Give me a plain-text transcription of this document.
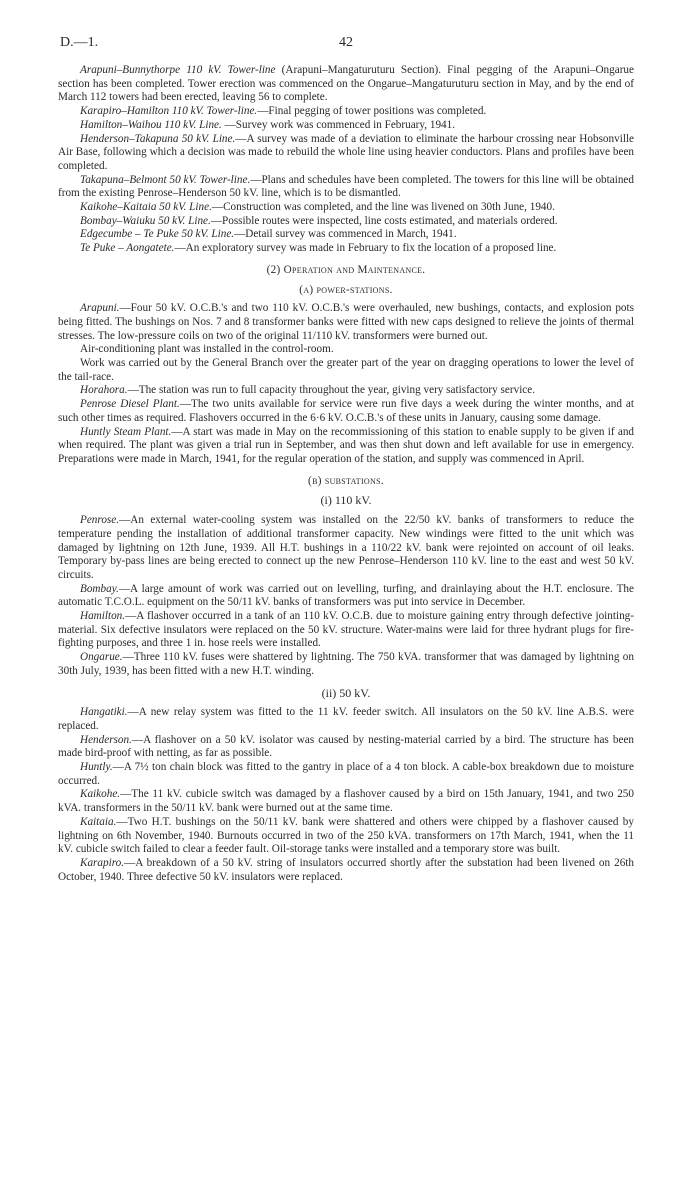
D.—1.	42

Arapuni–Bunnythorpe 110 kV. Tower-line (Arapuni–Mangaturuturu Section). Final pegging of the Arapuni–Ongarue section has been completed. Tower erection was commenced on the Ongarue–Mangaturuturu section in May, and by the end of March 112 towers had been erected, leaving 56 to complete.

Karapiro–Hamilton 110 kV. Tower-line.—Final pegging of tower positions was completed.

Hamilton–Waihou 110 kV. Line. —Survey work was commenced in February, 1941.

Henderson–Takapuna 50 kV. Line.—A survey was made of a deviation to eliminate the harbour crossing near Hobsonville Air Base, following which a decision was made to rebuild the whole line using heavier conductors. Plans and profiles have been completed.

Takapuna–Belmont 50 kV. Tower-line.—Plans and schedules have been completed. The towers for this line will be obtained from the existing Penrose–Henderson 50 kV. line, which is to be dismantled.

Kaikohe–Kaitaia 50 kV. Line.—Construction was completed, and the line was livened on 30th June, 1940.

Bombay–Waiuku 50 kV. Line.—Possible routes were inspected, line costs estimated, and materials ordered.

Edgecumbe – Te Puke 50 kV. Line.—Detail survey was commenced in March, 1941.

Te Puke – Aongatete.—An exploratory survey was made in February to fix the location of a proposed line.

(2) Operation and Maintenance.

(a) power-stations.

Arapuni.—Four 50 kV. O.C.B.'s and two 110 kV. O.C.B.'s were overhauled, new bushings, contacts, and explosion pots being fitted. The bushings on Nos. 7 and 8 transformer banks were fitted with new caps designed to relieve the joints of thermal stresses. The low-pressure coils on two of the original 11/110 kV. transformers were burned out.

Air-conditioning plant was installed in the control-room.

Work was carried out by the General Branch over the greater part of the year on dragging operations to lower the level of the tail-race.

Horahora.—The station was run to full capacity throughout the year, giving very satisfactory service.

Penrose Diesel Plant.—The two units available for service were run five days a week during the winter months, and at such other times as required. Flashovers occurred in the 6·6 kV. O.C.B.'s of these units in January, causing some damage.

Huntly Steam Plant.—A start was made in May on the recommissioning of this station to enable supply to be given if and when required. The plant was given a trial run in September, and was then shut down and left available for use in emergency. Preparations were made in March, 1941, for the regular operation of the station, and supply was commenced in April.

(b) substations.

(i) 110 kV.

Penrose.—An external water-cooling system was installed on the 22/50 kV. banks of transformers to reduce the temperature pending the installation of additional transformer capacity. New windings were fitted to the unit which was damaged by lightning on 12th June, 1939. All H.T. bushings in a 110/22 kV. bank were rejointed on account of oil leaks. Temporary by-pass lines are being erected to connect up the new Penrose–Henderson 110 kV. line to the east and west 50 kV. circuits.

Bombay.—A large amount of work was carried out on levelling, turfing, and drainlaying about the H.T. enclosure. The automatic T.C.O.L. equipment on the 50/11 kV. banks of transformers was put into service in December.

Hamilton.—A flashover occurred in a tank of an 110 kV. O.C.B. due to moisture gaining entry through defective jointing-material. Six defective insulators were replaced on the 50 kV. structure. Water-mains were laid for three hydrant plugs for fire-fighting purposes, and three 1 in. hose reels were installed.

Ongarue.—Three 110 kV. fuses were shattered by lightning. The 750 kVA. transformer that was damaged by lightning on 30th July, 1939, has been fitted with a new H.T. winding.

(ii) 50 kV.

Hangatiki.—A new relay system was fitted to the 11 kV. feeder switch. All insulators on the 50 kV. line A.B.S. were replaced.

Henderson.—A flashover on a 50 kV. isolator was caused by nesting-material carried by a bird. The structure has been made bird-proof with netting, as far as possible.

Huntly.—A 7½ ton chain block was fitted to the gantry in place of a 4 ton block. A cable-box breakdown due to moisture occurred.

Kaikohe.—The 11 kV. cubicle switch was damaged by a flashover caused by a bird on 15th January, 1941, and two 250 kVA. transformers in the 50/11 kV. bank were burned out at the same time.

Kaitaia.—Two H.T. bushings on the 50/11 kV. bank were shattered and others were chipped by a flashover caused by lightning on 6th November, 1940. Burnouts occurred in two of the 250 kVA. transformers on 17th March, 1941, when the 11 kV. cubicle switch failed to clear a feeder fault. Oil-storage tanks were installed and a temporary store was built.

Karapiro.—A breakdown of a 50 kV. string of insulators occurred shortly after the substation had been livened on 26th October, 1940. Three defective 50 kV. insulators were replaced.
